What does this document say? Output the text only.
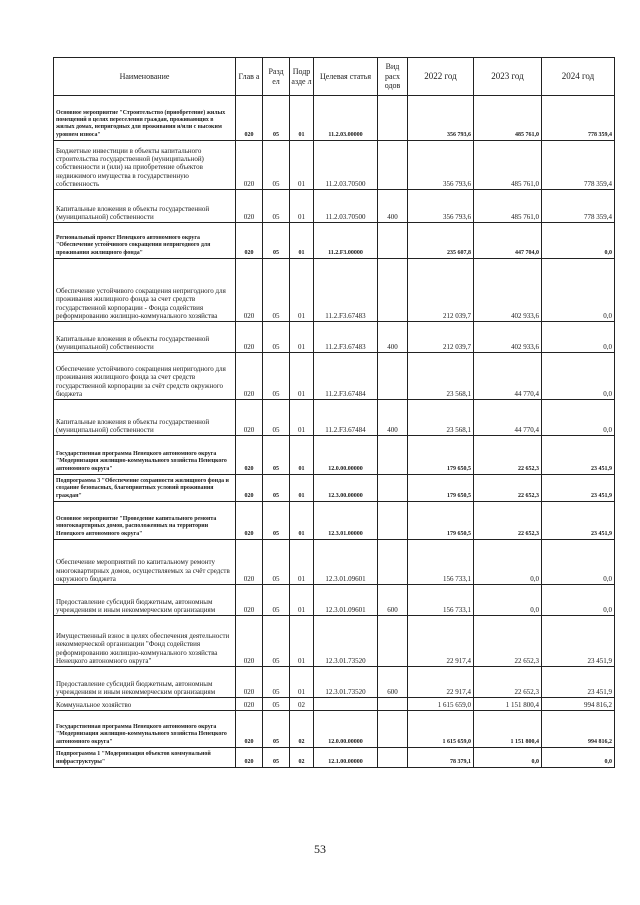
Наименование	Глав а	Разд ел	Подр азде л	Целевая статья	Вид расх одов	2022 год	2023 год	2024 год
Основное мероприятие "Строительство (приобретение) жилых помещений в целях переселения граждан, проживающих в жилых домах, непригодных для проживания и/или с высоким уровнем износа"	020	05	01	11.2.03.00000		356 793,6	485 761,0	778 359,4
Бюджетные инвестиции в объекты капитального строительства государственной (муниципальной) собственности и (или) на приобретение объектов недвижимого имущества в государственную собственность	020	05	01	11.2.03.70500		356 793,6	485 761,0	778 359,4
Капитальные вложения в объекты государственной (муниципальной) собственности	020	05	01	11.2.03.70500	400	356 793,6	485 761,0	778 359,4
Региональный проект Ненецкого автономного округа "Обеспечение устойчивого сокращения непригодного для проживания жилищного фонда"	020	05	01	11.2.F3.00000		235 607,8	447 704,0	0,0
Обеспечение устойчивого сокращения непригодного для проживания жилищного фонда за счет средств государственной корпорации - Фонда содействия реформированию жилищно-коммунального хозяйства	020	05	01	11.2.F3.67483		212 039,7	402 933,6	0,0
Капитальные вложения в объекты государственной (муниципальной) собственности	020	05	01	11.2.F3.67483	400	212 039,7	402 933,6	0,0
Обеспечение устойчивого сокращения непригодного для проживания жилищного фонда за счет средств государственной корпорации за счёт средств окружного бюджета	020	05	01	11.2.F3.67484		23 568,1	44 770,4	0,0
Капитальные вложения в объекты государственной (муниципальной) собственности	020	05	01	11.2.F3.67484	400	23 568,1	44 770,4	0,0
Государственная программа Ненецкого автономного округа "Модернизация жилищно-коммунального хозяйства Ненецкого автономного округа"	020	05	01	12.0.00.00000		179 650,5	22 652,3	23 451,9
Подпрограмма 3 "Обеспечение сохранности жилищного фонда и создание безопасных, благоприятных условий проживания граждан"	020	05	01	12.3.00.00000		179 650,5	22 652,3	23 451,9
Основное мероприятие "Проведение капитального ремонта многоквартирных домов, расположенных на территории Ненецкого автономного округа"	020	05	01	12.3.01.00000		179 650,5	22 652,3	23 451,9
Обеспечение мероприятий по капитальному ремонту многоквартирных домов, осуществляемых за счёт средств окружного бюджета	020	05	01	12.3.01.09601		156 733,1	0,0	0,0
Предоставление субсидий бюджетным, автономным учреждениям и иным некоммерческим организациям	020	05	01	12.3.01.09601	600	156 733,1	0,0	0,0
Имущественный взнос в целях обеспечения деятельности некоммерческой организации "Фонд содействия реформированию жилищно-коммунального хозяйства Ненецкого автономного округа"	020	05	01	12.3.01.73520		22 917,4	22 652,3	23 451,9
Предоставление субсидий бюджетным, автономным учреждениям и иным некоммерческим организациям	020	05	01	12.3.01.73520	600	22 917,4	22 652,3	23 451,9
Коммунальное хозяйство	020	05	02			1 615 659,0	1 151 800,4	994 816,2
Государственная программа Ненецкого автономного округа "Модернизация жилищно-коммунального хозяйства Ненецкого автономного округа"	020	05	02	12.0.00.00000		1 615 659,0	1 151 800,4	994 816,2
Подпрограмма 1 "Модернизация объектов коммунальной инфраструктуры"	020	05	02	12.1.00.00000		78 379,1	0,0	0,0
53
